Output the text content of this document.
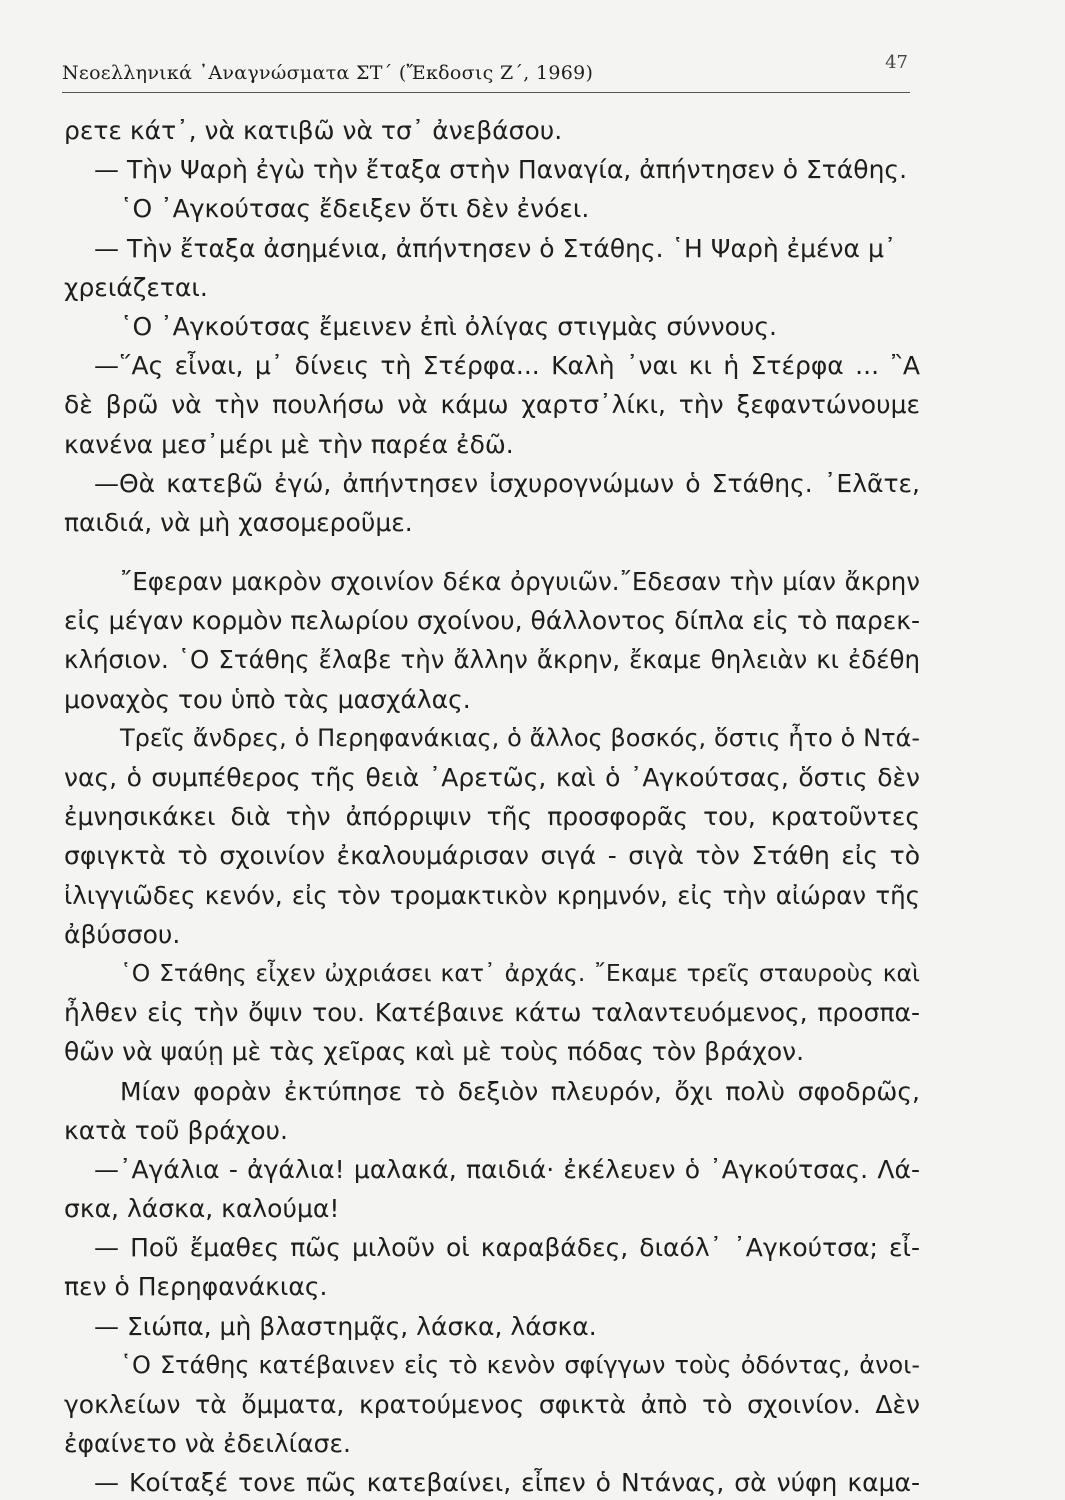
Νεοελληνικά ᾿Αναγνώσματα ΣΤ΄ (Ἔκδοσις Ζ΄, 1969)	47
ρετε κάτ᾿, νὰ κατιβῶ νὰ τσ᾿ ἀνεβάσου.
— Τὴν Ψαρὴ ἐγὼ τὴν ἔταξα στὴν Παναγία, ἀπήντησεν ὁ Στάθης.
῾Ο ᾿Αγκούτσας ἔδειξεν ὅτι δὲν ἐνόει.
— Τὴν ἔταξα ἀσημένια, ἀπήντησεν ὁ Στάθης. ῾Η Ψαρὴ ἐμένα μ᾿
χρειάζεται.
῾Ο ᾿Αγκούτσας ἔμεινεν ἐπὶ ὀλίγας στιγμὰς σύννους.
—῞Ας εἶναι, μ᾿ δίνεις τὴ Στέρφα... Καλὴ ᾿ναι κι ἡ Στέρφα ... ῍Α
δὲ βρῶ νὰ τὴν πουλήσω νὰ κάμω χαρτσ᾿λίκι, τὴν ξεφαντώνουμε
κανένα μεσ᾿μέρι μὲ τὴν παρέα ἐδῶ.
—Θὰ κατεβῶ ἐγώ, ἀπήντησεν ἰσχυρογνώμων ὁ Στάθης. ᾿Ελᾶτε,
παιδιά, νὰ μὴ χασομεροῦμε.
῎Εφεραν μακρὸν σχοινίον δέκα ὀργυιῶν.῎Εδεσαν τὴν μίαν ἄκρην
εἰς μέγαν κορμὸν πελωρίου σχοίνου, θάλλοντος δίπλα εἰς τὸ παρεκ-
κλήσιον. ῾Ο Στάθης ἔλαβε τὴν ἄλλην ἄκρην, ἔκαμε θηλειὰν κι ἐδέθη
μοναχὸς του ὑπὸ τὰς μασχάλας.
Τρεῖς ἄνδρες, ὁ Περηφανάκιας, ὁ ἄλλος βοσκός, ὅστις ἦτο ὁ Ντά-
νας, ὁ συμπέθερος τῆς θειὰ ᾿Αρετῶς, καὶ ὁ ᾿Αγκούτσας, ὅστις δὲν
ἐμνησικάκει διὰ τὴν ἀπόρριψιν τῆς προσφορᾶς του, κρατοῦντες
σφιγκτὰ τὸ σχοινίον ἐκαλουμάρισαν σιγά - σιγὰ τὸν Στάθη εἰς τὸ
ἰλιγγιῶδες κενόν, εἰς τὸν τρομακτικὸν κρημνόν, εἰς τὴν αἰώραν τῆς
ἀβύσσου.
῾Ο Στάθης εἶχεν ὠχριάσει κατ᾿ ἀρχάς. ῎Εκαμε τρεῖς σταυροὺς καὶ
ἦλθεν εἰς τὴν ὄψιν του. Κατέβαινε κάτω ταλαντευόμενος, προσπα-
θῶν νὰ ψαύῃ μὲ τὰς χεῖρας καὶ μὲ τοὺς πόδας τὸν βράχον.
Μίαν φορὰν ἐκτύπησε τὸ δεξιὸν πλευρόν, ὄχι πολὺ σφοδρῶς,
κατὰ τοῦ βράχου.
—᾿Αγάλια - ἀγάλια! μαλακά, παιδιά· ἐκέλευεν ὁ ᾿Αγκούτσας. Λά-
σκα, λάσκα, καλούμα!
— Ποῦ ἔμαθες πῶς μιλοῦν οἱ καραβάδες, διαόλ᾿ ᾿Αγκούτσα; εἶ-
πεν ὁ Περηφανάκιας.
— Σιώπα, μὴ βλαστημᾷς, λάσκα, λάσκα.
῾Ο Στάθης κατέβαινεν εἰς τὸ κενὸν σφίγγων τοὺς ὀδόντας, ἀνοι-
γοκλείων τὰ ὄμματα, κρατούμενος σφικτὰ ἀπὸ τὸ σχοινίον. Δὲν
ἐφαίνετο νὰ ἐδειλίασε.
— Κοίταξέ τονε πῶς κατεβαίνει, εἶπεν ὁ Ντάνας, σὰ νύφη καμα-
